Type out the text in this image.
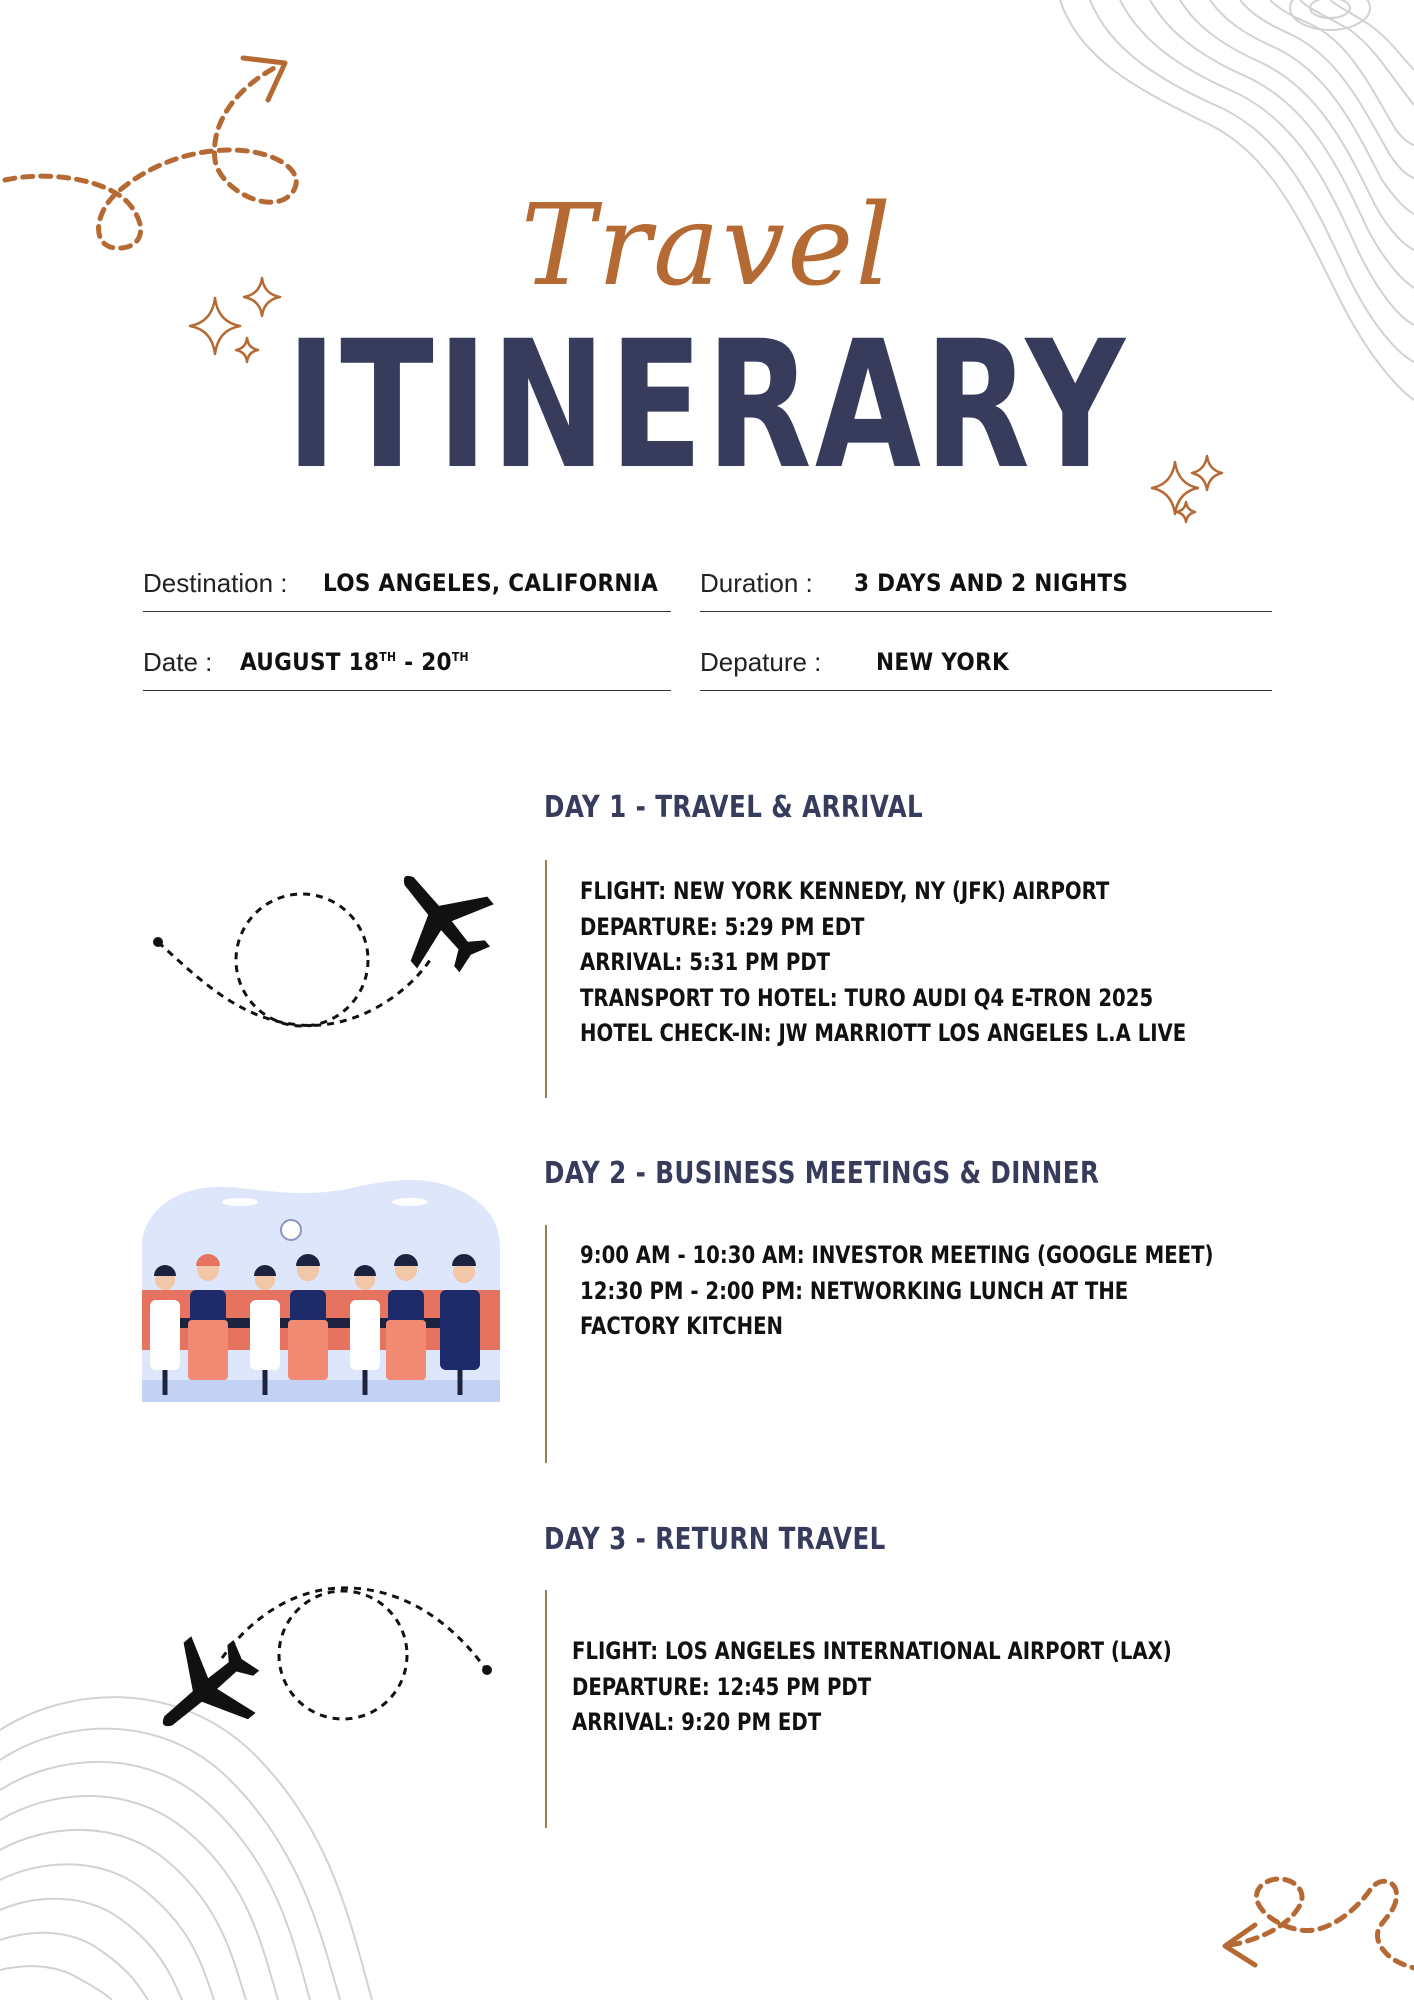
Travel
ITINERARY
Destination : LOS ANGELES, CALIFORNIA Duration : 3 DAYS AND 2 NIGHTS
Date : AUGUST 18TH - 20TH	Depature : NEW YORK
DAY 1 - TRAVEL & ARRIVAL
FLIGHT: NEW YORK KENNEDY, NY (JFK) AIRPORT
DEPARTURE: 5:29 PM EDT
ARRIVAL: 5:31 PM PDT
TRANSPORT TO HOTEL: TURO AUDI Q4 E-TRON 2025
HOTEL CHECK-IN: JW MARRIOTT LOS ANGELES L.A LIVE
DAY 2 - BUSINESS MEETINGS & DINNER
9:00 AM - 10:30 AM: INVESTOR MEETING (GOOGLE MEET)
12:30 PM - 2:00 PM: NETWORKING LUNCH AT THE
FACTORY KITCHEN
DAY 3 - RETURN TRAVEL
FLIGHT: LOS ANGELES INTERNATIONAL AIRPORT (LAX)
DEPARTURE: 12:45 PM PDT
ARRIVAL: 9:20 PM EDT
